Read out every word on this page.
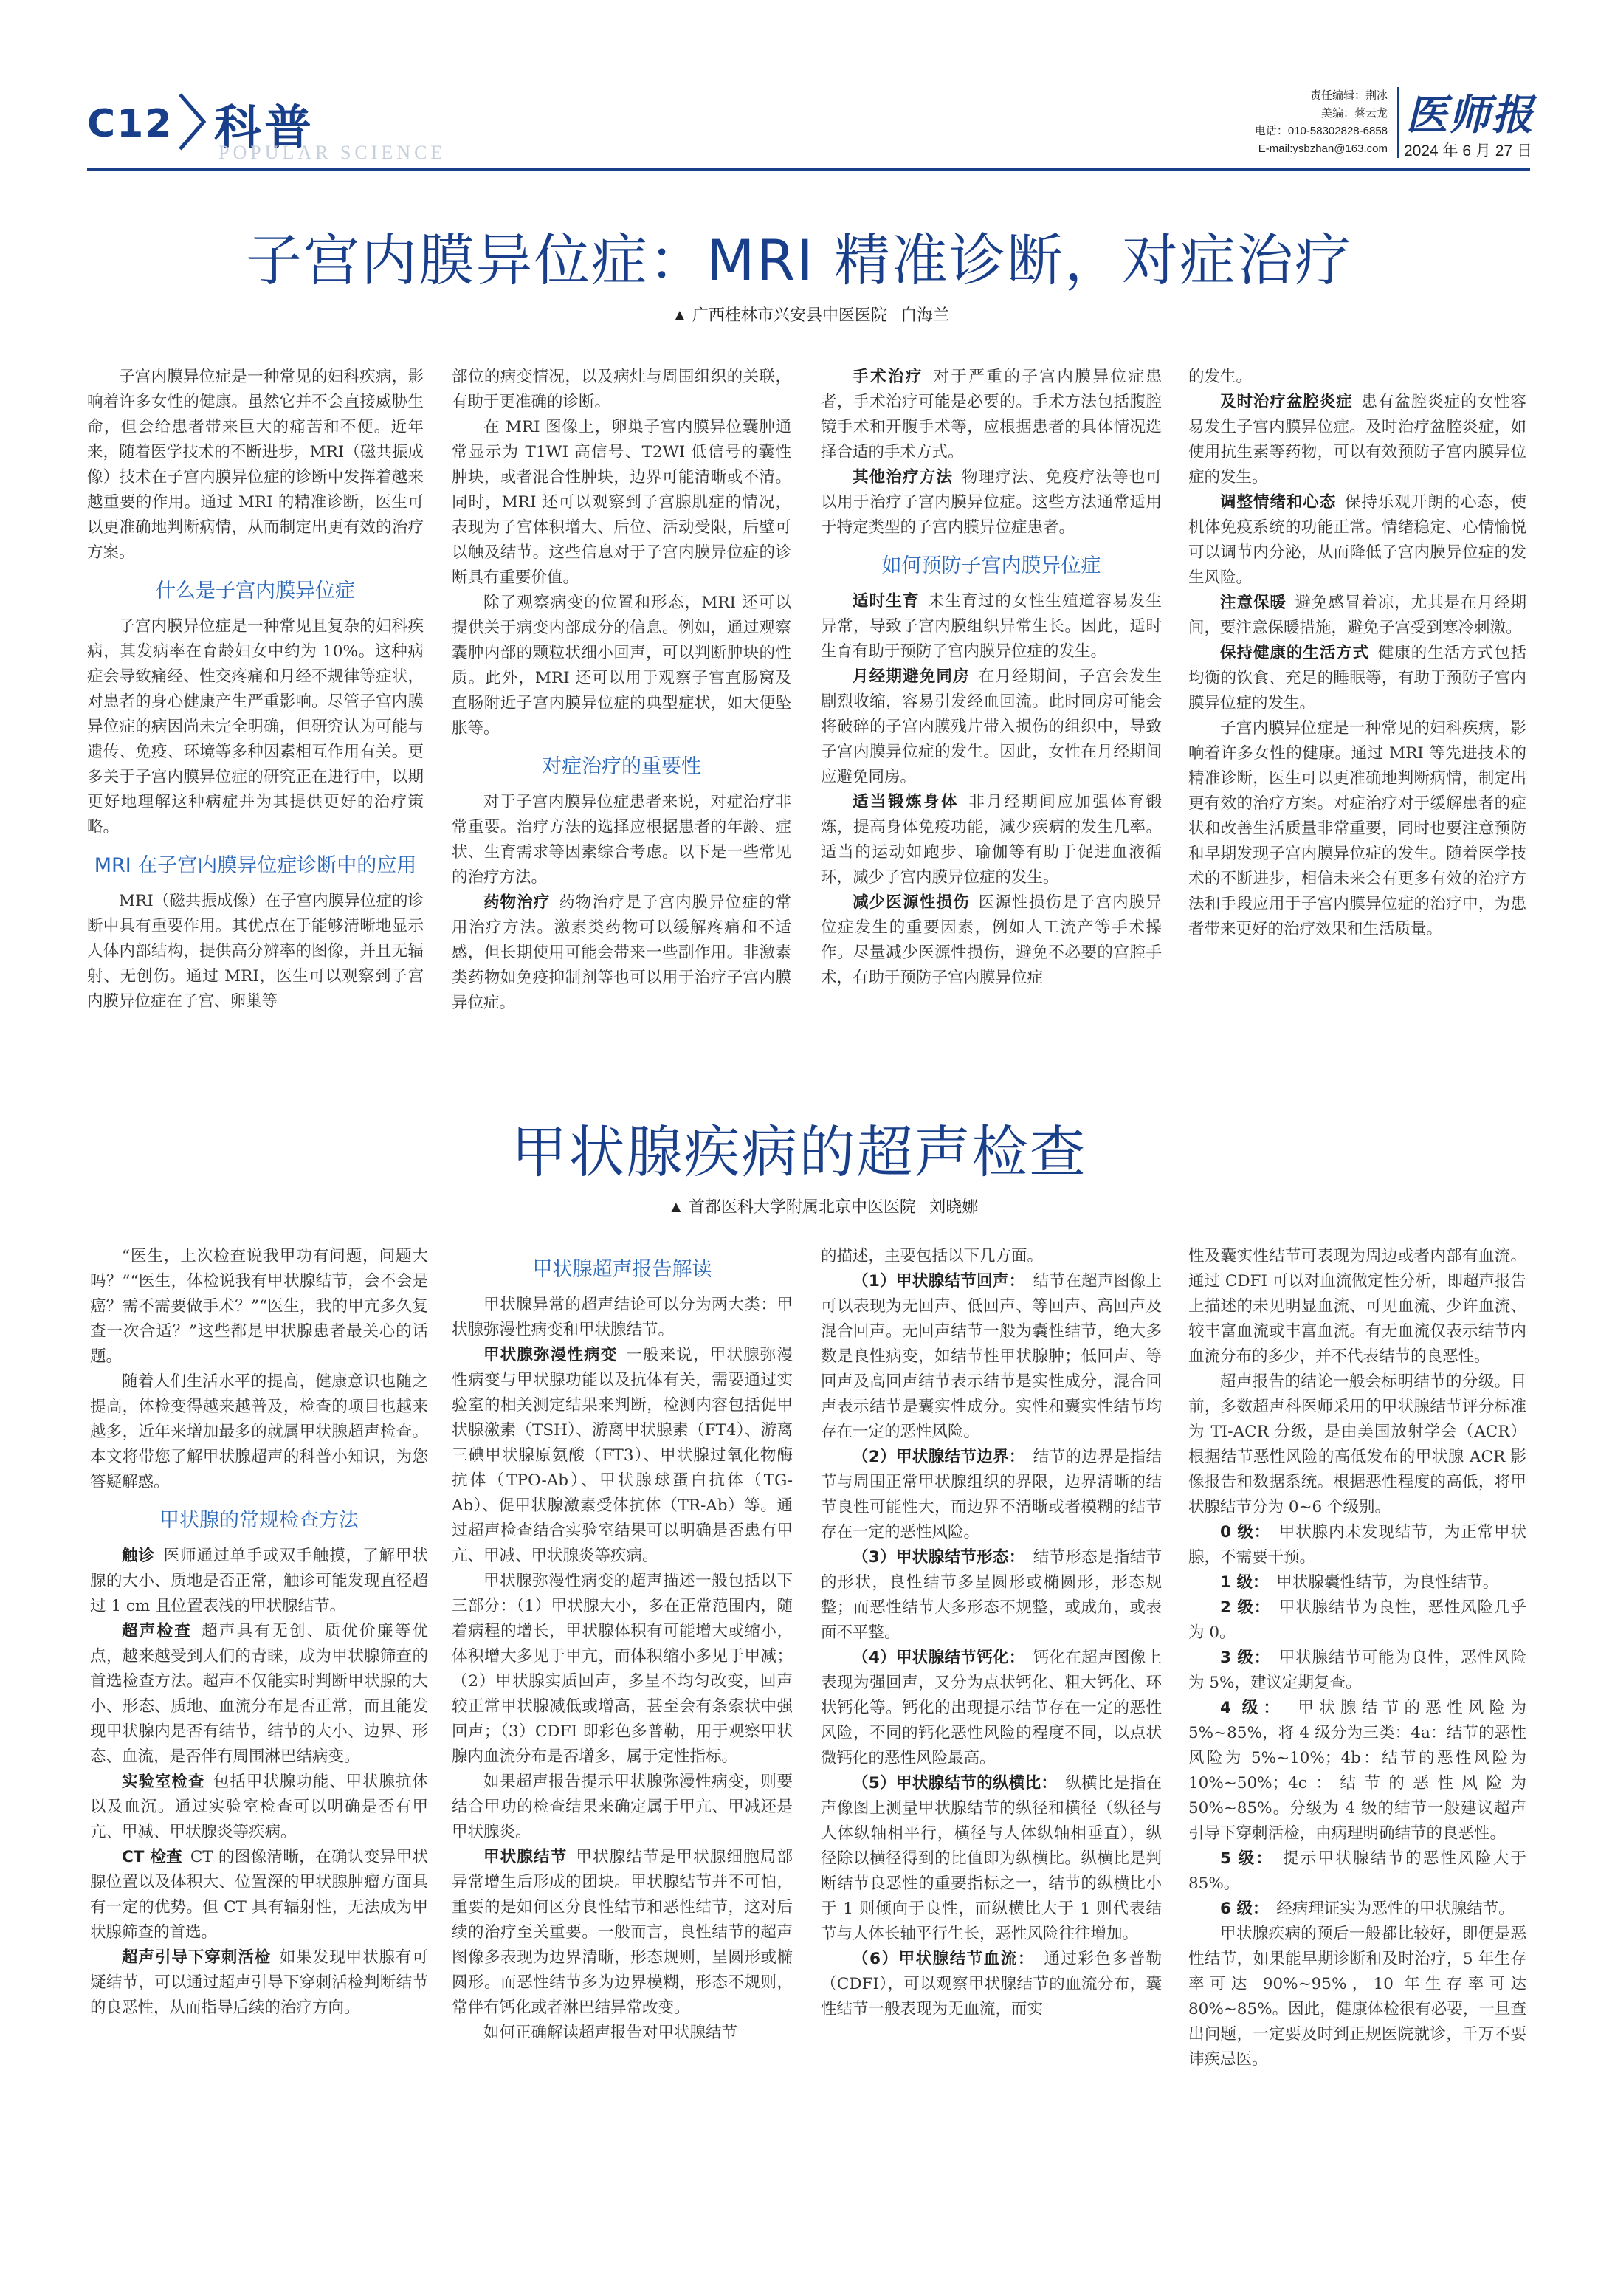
C12 科普
POPULAR SCIENCE
责任编辑：荆冰
美编：蔡云龙
电话：010-58302828-6858
E-mail:ysbzhan@163.com
医师报
2024 年 6 月 27 日
子宫内膜异位症：MRI 精准诊断，对症治疗
▲ 广西桂林市兴安县中医医院 白海兰

子宫内膜异位症是一种常见的妇科疾病，影响着许多女性的健康。虽然它并不会直接威胁生命，但会给患者带来巨大的痛苦和不便。近年来，随着医学技术的不断进步，MRI（磁共振成像）技术在子宫内膜异位症的诊断中发挥着越来越重要的作用。通过 MRI 的精准诊断，医生可以更准确地判断病情，从而制定出更有效的治疗方案。

什么是子宫内膜异位症

子宫内膜异位症是一种常见且复杂的妇科疾病，其发病率在育龄妇女中约为 10%。这种病症会导致痛经、性交疼痛和月经不规律等症状，对患者的身心健康产生严重影响。尽管子宫内膜异位症的病因尚未完全明确，但研究认为可能与遗传、免疫、环境等多种因素相互作用有关。更多关于子宫内膜异位症的研究正在进行中，以期更好地理解这种病症并为其提供更好的治疗策略。

MRI 在子宫内膜异位症诊断中的应用

MRI（磁共振成像）在子宫内膜异位症的诊断中具有重要作用。其优点在于能够清晰地显示人体内部结构，提供高分辨率的图像，并且无辐射、无创伤。通过 MRI，医生可以观察到子宫内膜异位症在子宫、卵巢等

部位的病变情况，以及病灶与周围组织的关联，有助于更准确的诊断。

在 MRI 图像上，卵巢子宫内膜异位囊肿通常显示为 T1WI 高信号、T2WI 低信号的囊性肿块，或者混合性肿块，边界可能清晰或不清。同时，MRI 还可以观察到子宫腺肌症的情况，表现为子宫体积增大、后位、活动受限，后壁可以触及结节。这些信息对于子宫内膜异位症的诊断具有重要价值。

除了观察病变的位置和形态，MRI 还可以提供关于病变内部成分的信息。例如，通过观察囊肿内部的颗粒状细小回声，可以判断肿块的性质。此外，MRI 还可以用于观察子宫直肠窝及直肠附近子宫内膜异位症的典型症状，如大便坠胀等。

对症治疗的重要性

对于子宫内膜异位症患者来说，对症治疗非常重要。治疗方法的选择应根据患者的年龄、症状、生育需求等因素综合考虑。以下是一些常见的治疗方法。

药物治疗  药物治疗是子宫内膜异位症的常用治疗方法。激素类药物可以缓解疼痛和不适感，但长期使用可能会带来一些副作用。非激素类药物如免疫抑制剂等也可以用于治疗子宫内膜异位症。

手术治疗  对于严重的子宫内膜异位症患者，手术治疗可能是必要的。手术方法包括腹腔镜手术和开腹手术等，应根据患者的具体情况选择合适的手术方式。

其他治疗方法  物理疗法、免疫疗法等也可以用于治疗子宫内膜异位症。这些方法通常适用于特定类型的子宫内膜异位症患者。

如何预防子宫内膜异位症

适时生育  未生育过的女性生殖道容易发生异常，导致子宫内膜组织异常生长。因此，适时生育有助于预防子宫内膜异位症的发生。

月经期避免同房  在月经期间，子宫会发生剧烈收缩，容易引发经血回流。此时同房可能会将破碎的子宫内膜残片带入损伤的组织中，导致子宫内膜异位症的发生。因此，女性在月经期间应避免同房。

适当锻炼身体  非月经期间应加强体育锻炼，提高身体免疫功能，减少疾病的发生几率。适当的运动如跑步、瑜伽等有助于促进血液循环，减少子宫内膜异位症的发生。

减少医源性损伤  医源性损伤是子宫内膜异位症发生的重要因素，例如人工流产等手术操作。尽量减少医源性损伤，避免不必要的宫腔手术，有助于预防子宫内膜异位症

的发生。

及时治疗盆腔炎症  患有盆腔炎症的女性容易发生子宫内膜异位症。及时治疗盆腔炎症，如使用抗生素等药物，可以有效预防子宫内膜异位症的发生。

调整情绪和心态  保持乐观开朗的心态，使机体免疫系统的功能正常。情绪稳定、心情愉悦可以调节内分泌，从而降低子宫内膜异位症的发生风险。

注意保暖  避免感冒着凉，尤其是在月经期间，要注意保暖措施，避免子宫受到寒冷刺激。

保持健康的生活方式  健康的生活方式包括均衡的饮食、充足的睡眠等，有助于预防子宫内膜异位症的发生。

子宫内膜异位症是一种常见的妇科疾病，影响着许多女性的健康。通过 MRI 等先进技术的精准诊断，医生可以更准确地判断病情，制定出更有效的治疗方案。对症治疗对于缓解患者的症状和改善生活质量非常重要，同时也要注意预防和早期发现子宫内膜异位症的发生。随着医学技术的不断进步，相信未来会有更多有效的治疗方法和手段应用于子宫内膜异位症的治疗中，为患者带来更好的治疗效果和生活质量。

甲状腺疾病的超声检查
▲ 首都医科大学附属北京中医医院 刘晓娜

“医生，上次检查说我甲功有问题，问题大吗？”“医生，体检说我有甲状腺结节，会不会是癌？需不需要做手术？”“医生，我的甲亢多久复查一次合适？”这些都是甲状腺患者最关心的话题。

随着人们生活水平的提高，健康意识也随之提高，体检变得越来越普及，检查的项目也越来越多，近年来增加最多的就属甲状腺超声检查。本文将带您了解甲状腺超声的科普小知识，为您答疑解惑。

甲状腺的常规检查方法

触诊  医师通过单手或双手触摸，了解甲状腺的大小、质地是否正常，触诊可能发现直径超过 1 cm 且位置表浅的甲状腺结节。

超声检查  超声具有无创、质优价廉等优点，越来越受到人们的青睐，成为甲状腺筛查的首选检查方法。超声不仅能实时判断甲状腺的大小、形态、质地、血流分布是否正常，而且能发现甲状腺内是否有结节，结节的大小、边界、形态、血流，是否伴有周围淋巴结病变。

实验室检查  包括甲状腺功能、甲状腺抗体以及血沉。通过实验室检查可以明确是否有甲亢、甲减、甲状腺炎等疾病。

CT 检查  CT 的图像清晰，在确认变异甲状腺位置以及体积大、位置深的甲状腺肿瘤方面具有一定的优势。但 CT 具有辐射性，无法成为甲状腺筛查的首选。

超声引导下穿刺活检  如果发现甲状腺有可疑结节，可以通过超声引导下穿刺活检判断结节的良恶性，从而指导后续的治疗方向。

甲状腺超声报告解读

甲状腺异常的超声结论可以分为两大类：甲状腺弥漫性病变和甲状腺结节。

甲状腺弥漫性病变  一般来说，甲状腺弥漫性病变与甲状腺功能以及抗体有关，需要通过实验室的相关测定结果来判断，检测内容包括促甲状腺激素（TSH）、游离甲状腺素（FT4）、游离三碘甲状腺原氨酸（FT3）、甲状腺过氧化物酶抗体（TPO-Ab）、甲状腺球蛋白抗体（TG-Ab）、促甲状腺激素受体抗体（TR-Ab）等。通过超声检查结合实验室结果可以明确是否患有甲亢、甲减、甲状腺炎等疾病。

甲状腺弥漫性病变的超声描述一般包括以下三部分：（1）甲状腺大小，多在正常范围内，随着病程的增长，甲状腺体积有可能增大或缩小，体积增大多见于甲亢，而体积缩小多见于甲减；（2）甲状腺实质回声，多呈不均匀改变，回声较正常甲状腺减低或增高，甚至会有条索状中强回声；（3）CDFI 即彩色多普勒，用于观察甲状腺内血流分布是否增多，属于定性指标。

如果超声报告提示甲状腺弥漫性病变，则要结合甲功的检查结果来确定属于甲亢、甲减还是甲状腺炎。

甲状腺结节  甲状腺结节是甲状腺细胞局部异常增生后形成的团块。甲状腺结节并不可怕，重要的是如何区分良性结节和恶性结节，这对后续的治疗至关重要。一般而言，良性结节的超声图像多表现为边界清晰，形态规则，呈圆形或椭圆形。而恶性结节多为边界模糊，形态不规则，常伴有钙化或者淋巴结异常改变。

如何正确解读超声报告对甲状腺结节

的描述，主要包括以下几方面。

（1）甲状腺结节回声：  结节在超声图像上可以表现为无回声、低回声、等回声、高回声及混合回声。无回声结节一般为囊性结节，绝大多数是良性病变，如结节性甲状腺肿；低回声、等回声及高回声结节表示结节是实性成分，混合回声表示结节是囊实性成分。实性和囊实性结节均存在一定的恶性风险。

（2）甲状腺结节边界：  结节的边界是指结节与周围正常甲状腺组织的界限，边界清晰的结节良性可能性大，而边界不清晰或者模糊的结节存在一定的恶性风险。

（3）甲状腺结节形态：  结节形态是指结节的形状，良性结节多呈圆形或椭圆形，形态规整；而恶性结节大多形态不规整，或成角，或表面不平整。

（4）甲状腺结节钙化：  钙化在超声图像上表现为强回声，又分为点状钙化、粗大钙化、环状钙化等。钙化的出现提示结节存在一定的恶性风险，不同的钙化恶性风险的程度不同，以点状微钙化的恶性风险最高。

（5）甲状腺结节的纵横比：  纵横比是指在声像图上测量甲状腺结节的纵径和横径（纵径与人体纵轴相平行，横径与人体纵轴相垂直），纵径除以横径得到的比值即为纵横比。纵横比是判断结节良恶性的重要指标之一，结节的纵横比小于 1 则倾向于良性，而纵横比大于 1 则代表结节与人体长轴平行生长，恶性风险往往增加。

（6）甲状腺结节血流：  通过彩色多普勒（CDFI），可以观察甲状腺结节的血流分布，囊性结节一般表现为无血流，而实

性及囊实性结节可表现为周边或者内部有血流。通过 CDFI 可以对血流做定性分析，即超声报告上描述的未见明显血流、可见血流、少许血流、较丰富血流或丰富血流。有无血流仅表示结节内血流分布的多少，并不代表结节的良恶性。

超声报告的结论一般会标明结节的分级。目前，多数超声科医师采用的甲状腺结节评分标准为 TI-ACR 分级，是由美国放射学会（ACR）根据结节恶性风险的高低发布的甲状腺 ACR 影像报告和数据系统。根据恶性程度的高低，将甲状腺结节分为 0~6 个级别。

0 级：  甲状腺内未发现结节，为正常甲状腺，不需要干预。

1 级：  甲状腺囊性结节，为良性结节。

2 级：  甲状腺结节为良性，恶性风险几乎为 0。

3 级：  甲状腺结节可能为良性，恶性风险为 5%，建议定期复查。

4 级：  甲状腺结节的恶性风险为 5%~85%，将 4 级分为三类：4a：结节的恶性风险为 5%~10%；4b：结节的恶性风险为 10%~50%；4c：结节的恶性风险为 50%~85%。分级为 4 级的结节一般建议超声引导下穿刺活检，由病理明确结节的良恶性。

5 级：  提示甲状腺结节的恶性风险大于 85%。

6 级：  经病理证实为恶性的甲状腺结节。

甲状腺疾病的预后一般都比较好，即便是恶性结节，如果能早期诊断和及时治疗，5 年生存率可达 90%~95%，10 年生存率可达 80%~85%。因此，健康体检很有必要，一旦查出问题，一定要及时到正规医院就诊，千万不要讳疾忌医。
